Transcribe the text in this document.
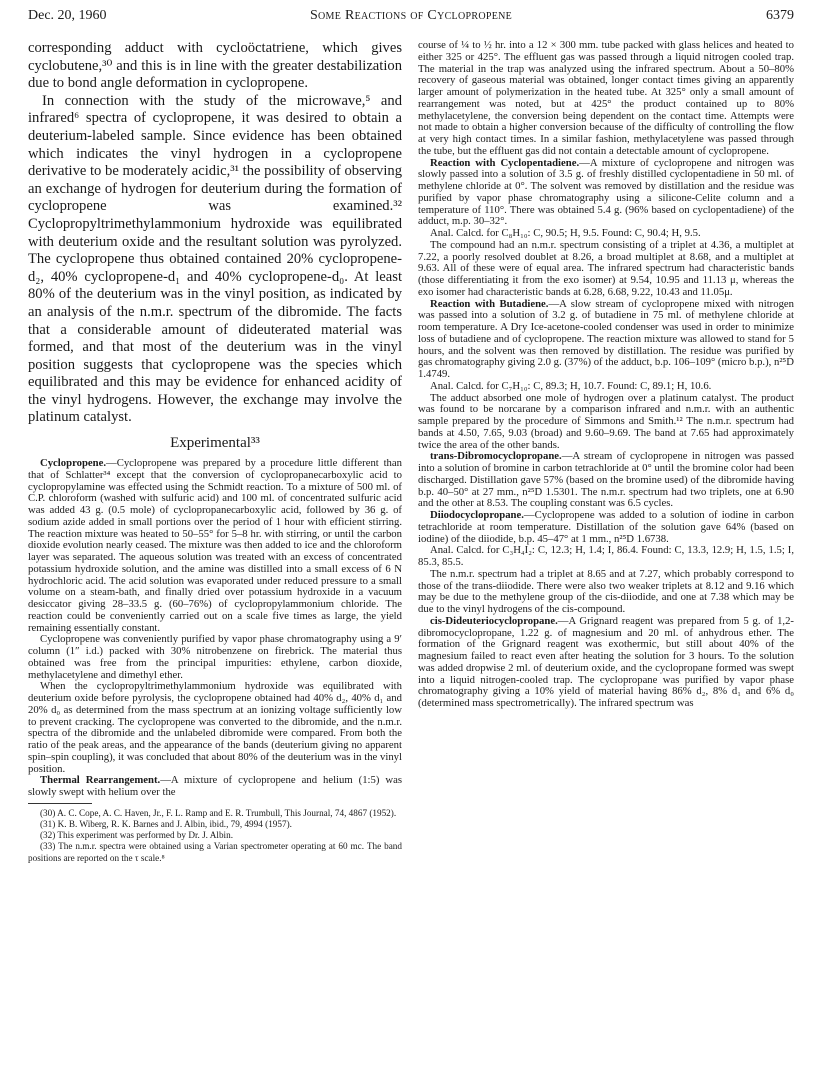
Dec. 20, 1960	Some Reactions of Cyclopropene	6379

corresponding adduct with cycloöctatriene, which gives cyclobutene,³⁰ and this is in line with the greater destabilization due to bond angle deformation in cyclopropene.

In connection with the study of the microwave,⁵ and infrared⁶ spectra of cyclopropene, it was desired to obtain a deuterium-labeled sample. Since evidence has been obtained which indicates the vinyl hydrogen in a cyclopropene derivative to be moderately acidic,³¹ the possibility of observing an exchange of hydrogen for deuterium during the formation of cyclopropene was examined.³² Cyclopropyltrimethylammonium hydroxide was equilibrated with deuterium oxide and the resultant solution was pyrolyzed. The cyclopropene thus obtained contained 20% cyclopropene-d₂, 40% cyclopropene-d₁ and 40% cyclopropene-d₀. At least 80% of the deuterium was in the vinyl position, as indicated by an analysis of the n.m.r. spectrum of the dibromide. The facts that a considerable amount of dideuterated material was formed, and that most of the deuterium was in the vinyl position suggests that cyclopropene was the species which equilibrated and this may be evidence for enhanced acidity of the vinyl hydrogens. However, the exchange may involve the platinum catalyst.

Experimental³³

Cyclopropene.—Cyclopropene was prepared by a procedure little different than that of Schlatter³⁴ except that the conversion of cyclopropanecarboxylic acid to cyclopropylamine was effected using the Schmidt reaction. To a mixture of 500 ml. of C.P. chloroform (washed with sulfuric acid) and 100 ml. of concentrated sulfuric acid was added 43 g. (0.5 mole) of cyclopropanecarboxylic acid, followed by 36 g. of sodium azide added in small portions over the period of 1 hour with efficient stirring. The reaction mixture was heated to 50–55° for 5–8 hr. with stirring, or until the carbon dioxide evolution nearly ceased. The mixture was then added to ice and the chloroform layer was separated. The aqueous solution was treated with an excess of concentrated potassium hydroxide solution, and the amine was distilled into a small excess of 6 N hydrochloric acid. The acid solution was evaporated under reduced pressure to a small volume on a steam-bath, and finally dried over potassium hydroxide in a vacuum desiccator giving 28–33.5 g. (60–76%) of cyclopropylammonium chloride. The reaction could be conveniently carried out on a scale five times as large, the yield remaining essentially constant.

Cyclopropene was conveniently purified by vapor phase chromatography using a 9′ column (1″ i.d.) packed with 30% nitrobenzene on firebrick. The material thus obtained was free from the principal impurities: ethylene, carbon dioxide, methylacetylene and dimethyl ether.

When the cyclopropyltrimethylammonium hydroxide was equilibrated with deuterium oxide before pyrolysis, the cyclopropene obtained had 40% d₂, 40% d₁ and 20% d₀ as determined from the mass spectrum at an ionizing voltage sufficiently low to prevent cracking. The cyclopropene was converted to the dibromide, and the n.m.r. spectra of the dibromide and the unlabeled dibromide were compared. From both the ratio of the peak areas, and the appearance of the bands (deuterium giving no apparent spin–spin coupling), it was concluded that about 80% of the deuterium was in the vinyl position.

Thermal Rearrangement.—A mixture of cyclopropene and helium (1:5) was slowly swept with helium over the

(30) A. C. Cope, A. C. Haven, Jr., F. L. Ramp and E. R. Trumbull, This Journal, 74, 4867 (1952).

(31) K. B. Wiberg, R. K. Barnes and J. Albin, ibid., 79, 4994 (1957).

(32) This experiment was performed by Dr. J. Albin.

(33) The n.m.r. spectra were obtained using a Varian spectrometer operating at 60 mc. The band positions are reported on the τ scale.⁸

course of ¼ to ½ hr. into a 12 × 300 mm. tube packed with glass helices and heated to either 325 or 425°. The effluent gas was passed through a liquid nitrogen cooled trap. The material in the trap was analyzed using the infrared spectrum. About a 50–80% recovery of gaseous material was obtained, longer contact times giving an apparently larger amount of polymerization in the heated tube. At 325° only a small amount of rearrangement was noted, but at 425° the product contained up to 80% methylacetylene, the conversion being dependent on the contact time. Attempts were not made to obtain a higher conversion because of the difficulty of controlling the flow at very high contact times. In a similar fashion, methylacetylene was passed through the tube, but the effluent gas did not contain a detectable amount of cyclopropene.

Reaction with Cyclopentadiene.—A mixture of cyclopropene and nitrogen was slowly passed into a solution of 3.5 g. of freshly distilled cyclopentadiene in 50 ml. of methylene chloride at 0°. The solvent was removed by distillation and the residue was purified by vapor phase chromatography using a silicone-Celite column and a temperature of 110°. There was obtained 5.4 g. (96% based on cyclopentadiene) of the adduct, m.p. 30–32°.

Anal. Calcd. for C₈H₁₀: C, 90.5; H, 9.5. Found: C, 90.4; H, 9.5.

The compound had an n.m.r. spectrum consisting of a triplet at 4.36, a multiplet at 7.22, a poorly resolved doublet at 8.26, a broad multiplet at 8.68, and a multiplet at 9.63. All of these were of equal area. The infrared spectrum had characteristic bands (those differentiating it from the exo isomer) at 9.54, 10.95 and 11.13 μ, whereas the exo isomer had characteristic bands at 6.28, 6.68, 9.22, 10.43 and 11.05μ.

Reaction with Butadiene.—A slow stream of cyclopropene mixed with nitrogen was passed into a solution of 3.2 g. of butadiene in 75 ml. of methylene chloride at room temperature. A Dry Ice-acetone-cooled condenser was used in order to minimize loss of butadiene and of cyclopropene. The reaction mixture was allowed to stand for 5 hours, and the solvent was then removed by distillation. The residue was purified by gas chromatography giving 2.0 g. (37%) of the adduct, b.p. 106–109° (micro b.p.), n²⁵D 1.4749.

Anal. Calcd. for C₇H₁₀: C, 89.3; H, 10.7. Found: C, 89.1; H, 10.6.

The adduct absorbed one mole of hydrogen over a platinum catalyst. The product was found to be norcarane by a comparison infrared and n.m.r. with an authentic sample prepared by the procedure of Simmons and Smith.¹² The n.m.r. spectrum had bands at 4.50, 7.65, 9.03 (broad) and 9.60–9.69. The band at 7.65 had approximately twice the area of the other bands.

trans-Dibromocyclopropane.—A stream of cyclopropene in nitrogen was passed into a solution of bromine in carbon tetrachloride at 0° until the bromine color had been discharged. Distillation gave 57% (based on the bromine used) of the dibromide having b.p. 40–50° at 27 mm., n²⁵D 1.5301. The n.m.r. spectrum had two triplets, one at 6.90 and the other at 8.53. The coupling constant was 6.5 cycles.

Diiodocyclopropane.—Cyclopropene was added to a solution of iodine in carbon tetrachloride at room temperature. Distillation of the solution gave 64% (based on iodine) of the diiodide, b.p. 45–47° at 1 mm., n²⁵D 1.6738.

Anal. Calcd. for C₃H₄I₂: C, 12.3; H, 1.4; I, 86.4. Found: C, 13.3, 12.9; H, 1.5, 1.5; I, 85.3, 85.5.

The n.m.r. spectrum had a triplet at 8.65 and at 7.27, which probably correspond to those of the trans-diiodide. There were also two weaker triplets at 8.12 and 9.16 which may be due to the methylene group of the cis-diiodide, and one at 7.38 which may be due to the vinyl hydrogens of the cis-compound.

cis-Dideuteriocyclopropane.—A Grignard reagent was prepared from 5 g. of 1,2-dibromocyclopropane, 1.22 g. of magnesium and 20 ml. of anhydrous ether. The formation of the Grignard reagent was exothermic, but still about 40% of the magnesium failed to react even after heating the solution for 3 hours. To the solution was added dropwise 2 ml. of deuterium oxide, and the cyclopropane formed was swept into a liquid nitrogen-cooled trap. The cyclopropane was purified by vapor phase chromatography giving a 10% yield of material having 86% d₂, 8% d₁ and 6% d₀ (determined mass spectrometrically). The infrared spectrum was
